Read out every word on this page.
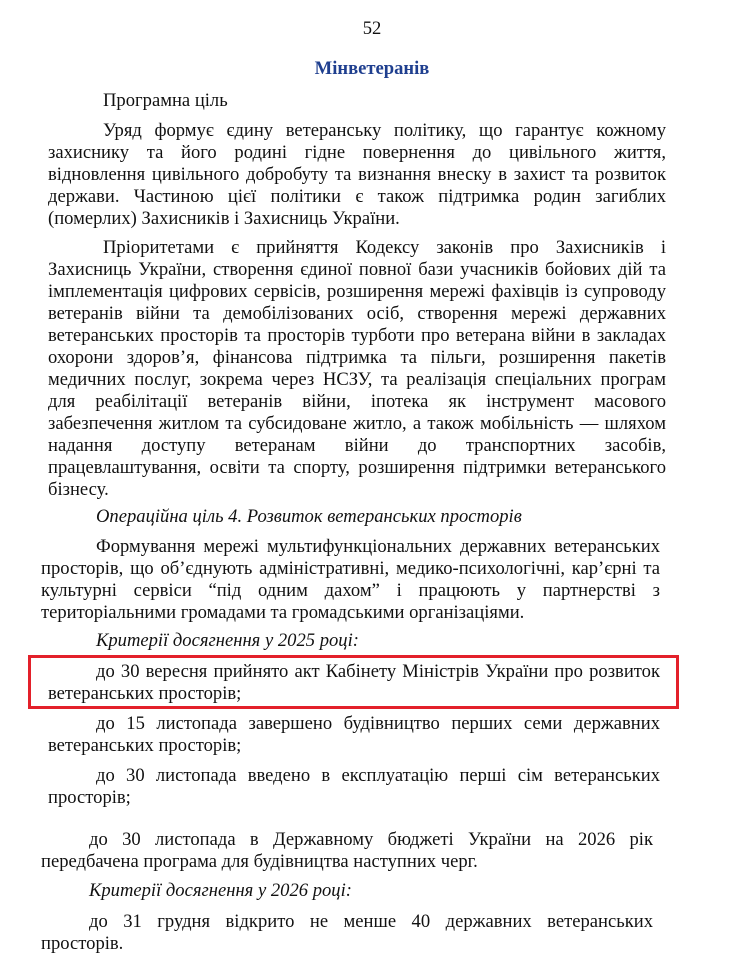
52
Мінветеранів
Програмна ціль
Уряд формує єдину ветеранську політику, що гарантує кожному
захиснику та його родині гідне повернення до цивільного життя,
відновлення цивільного добробуту та визнання внеску в захист та розвиток
держави. Частиною цієї політики є також підтримка родин загиблих
(померлих) Захисників і Захисниць України.
Пріоритетами є прийняття Кодексу законів про Захисників і
Захисниць України, створення єдиної повної бази учасників бойових дій та
імплементація цифрових сервісів, розширення мережі фахівців із супроводу
ветеранів війни та демобілізованих осіб, створення мережі державних
ветеранських просторів та просторів турботи про ветерана війни в закладах
охорони здоров’я, фінансова підтримка та пільги, розширення пакетів
медичних послуг, зокрема через НСЗУ, та реалізація спеціальних програм
для реабілітації ветеранів війни, іпотека як інструмент масового
забезпечення житлом та субсидоване житло, а також мобільність — шляхом
надання доступу ветеранам війни до транспортних засобів,
працевлаштування, освіти та спорту, розширення підтримки ветеранського
бізнесу.
Операційна ціль 4. Розвиток ветеранських просторів
Формування мережі мультифункціональних державних ветеранських
просторів, що об’єднують адміністративні, медико-психологічні, кар’єрні та
культурні сервіси “під одним дахом” і працюють у партнерстві з
територіальними громадами та громадськими організаціями.
Критерії досягнення у 2025 році:
до 30 вересня прийнято акт Кабінету Міністрів України про розвиток
ветеранських просторів;
до 15 листопада завершено будівництво перших семи державних
ветеранських просторів;
до 30 листопада введено в експлуатацію перші сім ветеранських
просторів;
до 30 листопада в Державному бюджеті України на 2026 рік
передбачена програма для будівництва наступних черг.
Критерії досягнення у 2026 році:
до 31 грудня відкрито не менше 40 державних ветеранських
просторів.
